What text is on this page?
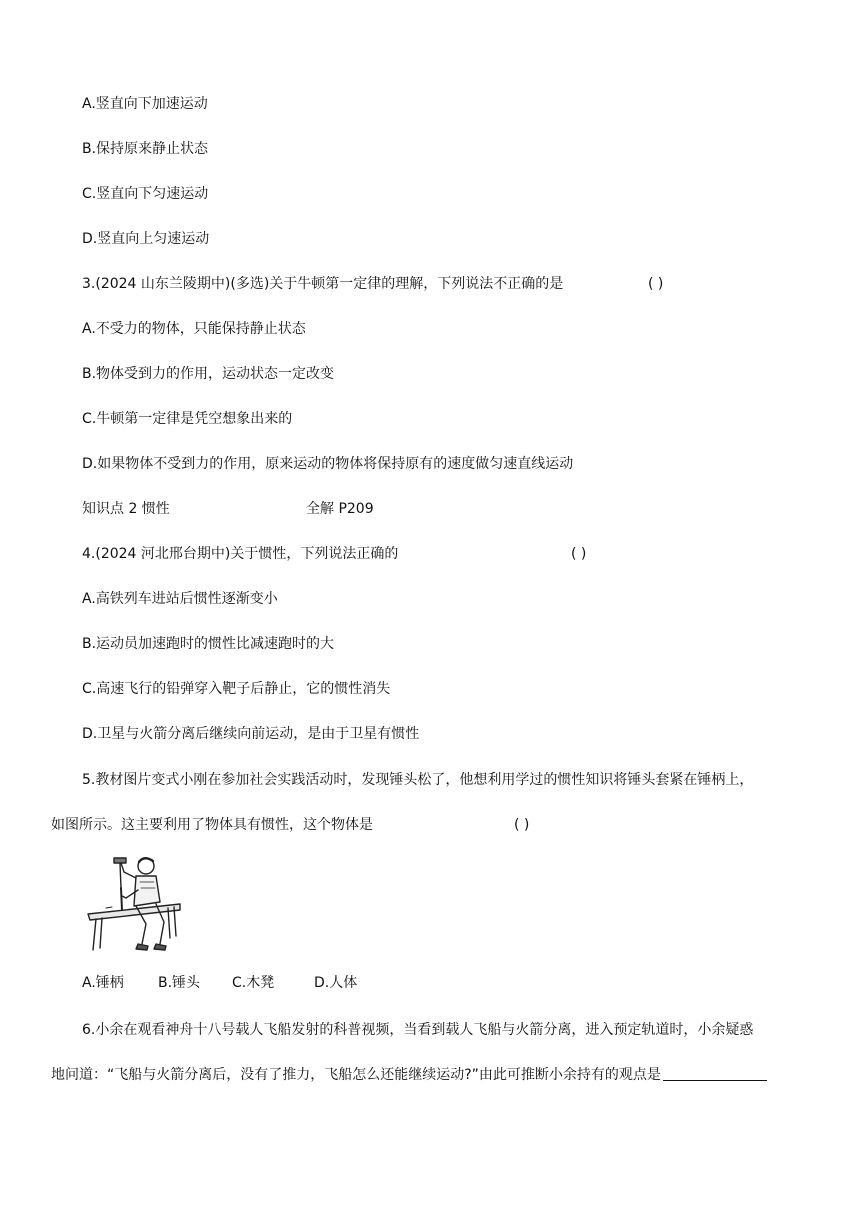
A.竖直向下加速运动
B.保持原来静止状态
C.竖直向下匀速运动
D.竖直向上匀速运动
3.(2024 山东兰陵期中)(多选)关于牛顿第一定律的理解，下列说法不正确的是	( )
A.不受力的物体，只能保持静止状态
B.物体受到力的作用，运动状态一定改变
C.牛顿第一定律是凭空想象出来的
D.如果物体不受到力的作用，原来运动的物体将保持原有的速度做匀速直线运动
知识点 2 惯性	全解 P209
4.(2024 河北邢台期中)关于惯性，下列说法正确的	( )
A.高铁列车进站后惯性逐渐变小
B.运动员加速跑时的惯性比减速跑时的大
C.高速飞行的铅弹穿入靶子后静止，它的惯性消失
D.卫星与火箭分离后继续向前运动，是由于卫星有惯性
5.教材图片变式小刚在参加社会实践活动时，发现锤头松了，他想利用学过的惯性知识将锤头套紧在锤柄上，
如图所示。这主要利用了物体具有惯性，这个物体是	( )
A.锤柄 B.锤头 C.木凳	D.人体
6.小余在观看神舟十八号载人飞船发射的科普视频，当看到载人飞船与火箭分离，进入预定轨道时，小余疑惑
地问道：“飞船与火箭分离后，没有了推力，飞船怎么还能继续运动?”由此可推断小余持有的观点是
